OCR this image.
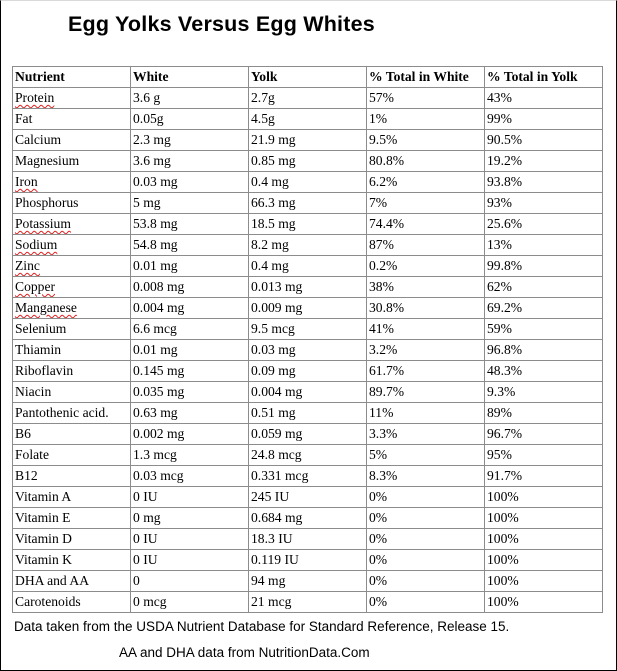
Egg Yolks Versus Egg Whites
Nutrient	White	Yolk	% Total in White	% Total in Yolk
Protein	3.6 g	2.7g	57%	43%
Fat	0.05g	4.5g	1%	99%
Calcium	2.3 mg	21.9 mg	9.5%	90.5%
Magnesium	3.6 mg	0.85 mg	80.8%	19.2%
Iron	0.03 mg	0.4 mg	6.2%	93.8%
Phosphorus	5 mg	66.3 mg	7%	93%
Potassium	53.8 mg	18.5 mg	74.4%	25.6%
Sodium	54.8 mg	8.2 mg	87%	13%
Zinc	0.01 mg	0.4 mg	0.2%	99.8%
Copper	0.008 mg	0.013 mg	38%	62%
Manganese	0.004 mg	0.009 mg	30.8%	69.2%
Selenium	6.6 mcg	9.5 mcg	41%	59%
Thiamin	0.01 mg	0.03 mg	3.2%	96.8%
Riboflavin	0.145 mg	0.09 mg	61.7%	48.3%
Niacin	0.035 mg	0.004 mg	89.7%	9.3%
Pantothenic acid.	0.63 mg	0.51 mg	11%	89%
B6	0.002 mg	0.059 mg	3.3%	96.7%
Folate	1.3 mcg	24.8 mcg	5%	95%
B12	0.03 mcg	0.331 mcg	8.3%	91.7%
Vitamin A	0 IU	245 IU	0%	100%
Vitamin E	0 mg	0.684 mg	0%	100%
Vitamin D	0 IU	18.3 IU	0%	100%
Vitamin K	0 IU	0.119 IU	0%	100%
DHA and AA	0	94 mg	0%	100%
Carotenoids	0 mcg	21 mcg	0%	100%
Data taken from the USDA Nutrient Database for Standard Reference, Release 15.
AA and DHA data from NutritionData.Com
